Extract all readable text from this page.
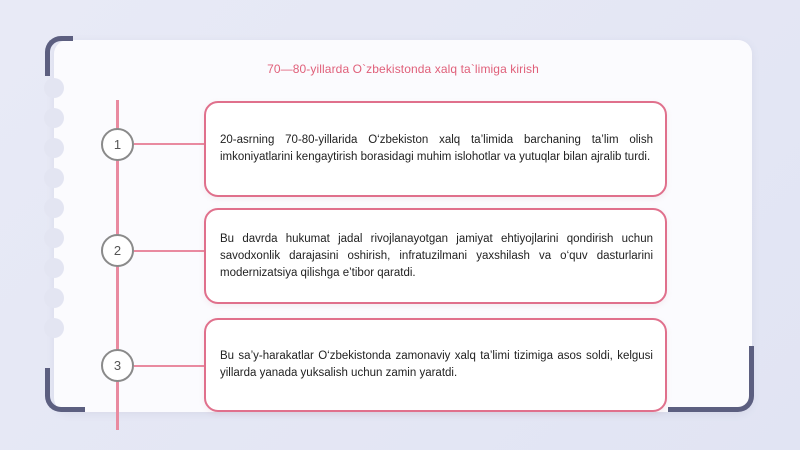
70—80-yillarda O`zbekistonda xalq ta`limiga kirish
1	20-asrning 70-80-yillarida O‘zbekiston xalq ta’limida barchaning ta’lim olish imkoniyatlarini kengaytirish borasidagi muhim islohotlar va yutuqlar bilan ajralib turdi.

2

Bu davrda hukumat jadal rivojlanayotgan jamiyat ehtiyojlarini qondirish uchun savodxonlik darajasini oshirish, infratuzilmani yaxshilash va o‘quv dasturlarini modernizatsiya qilishga e’tibor qaratdi.

3

Bu sa’y-harakatlar O‘zbekistonda zamonaviy xalq ta’limi tizimiga asos soldi, kelgusi yillarda yanada yuksalish uchun zamin yaratdi.
